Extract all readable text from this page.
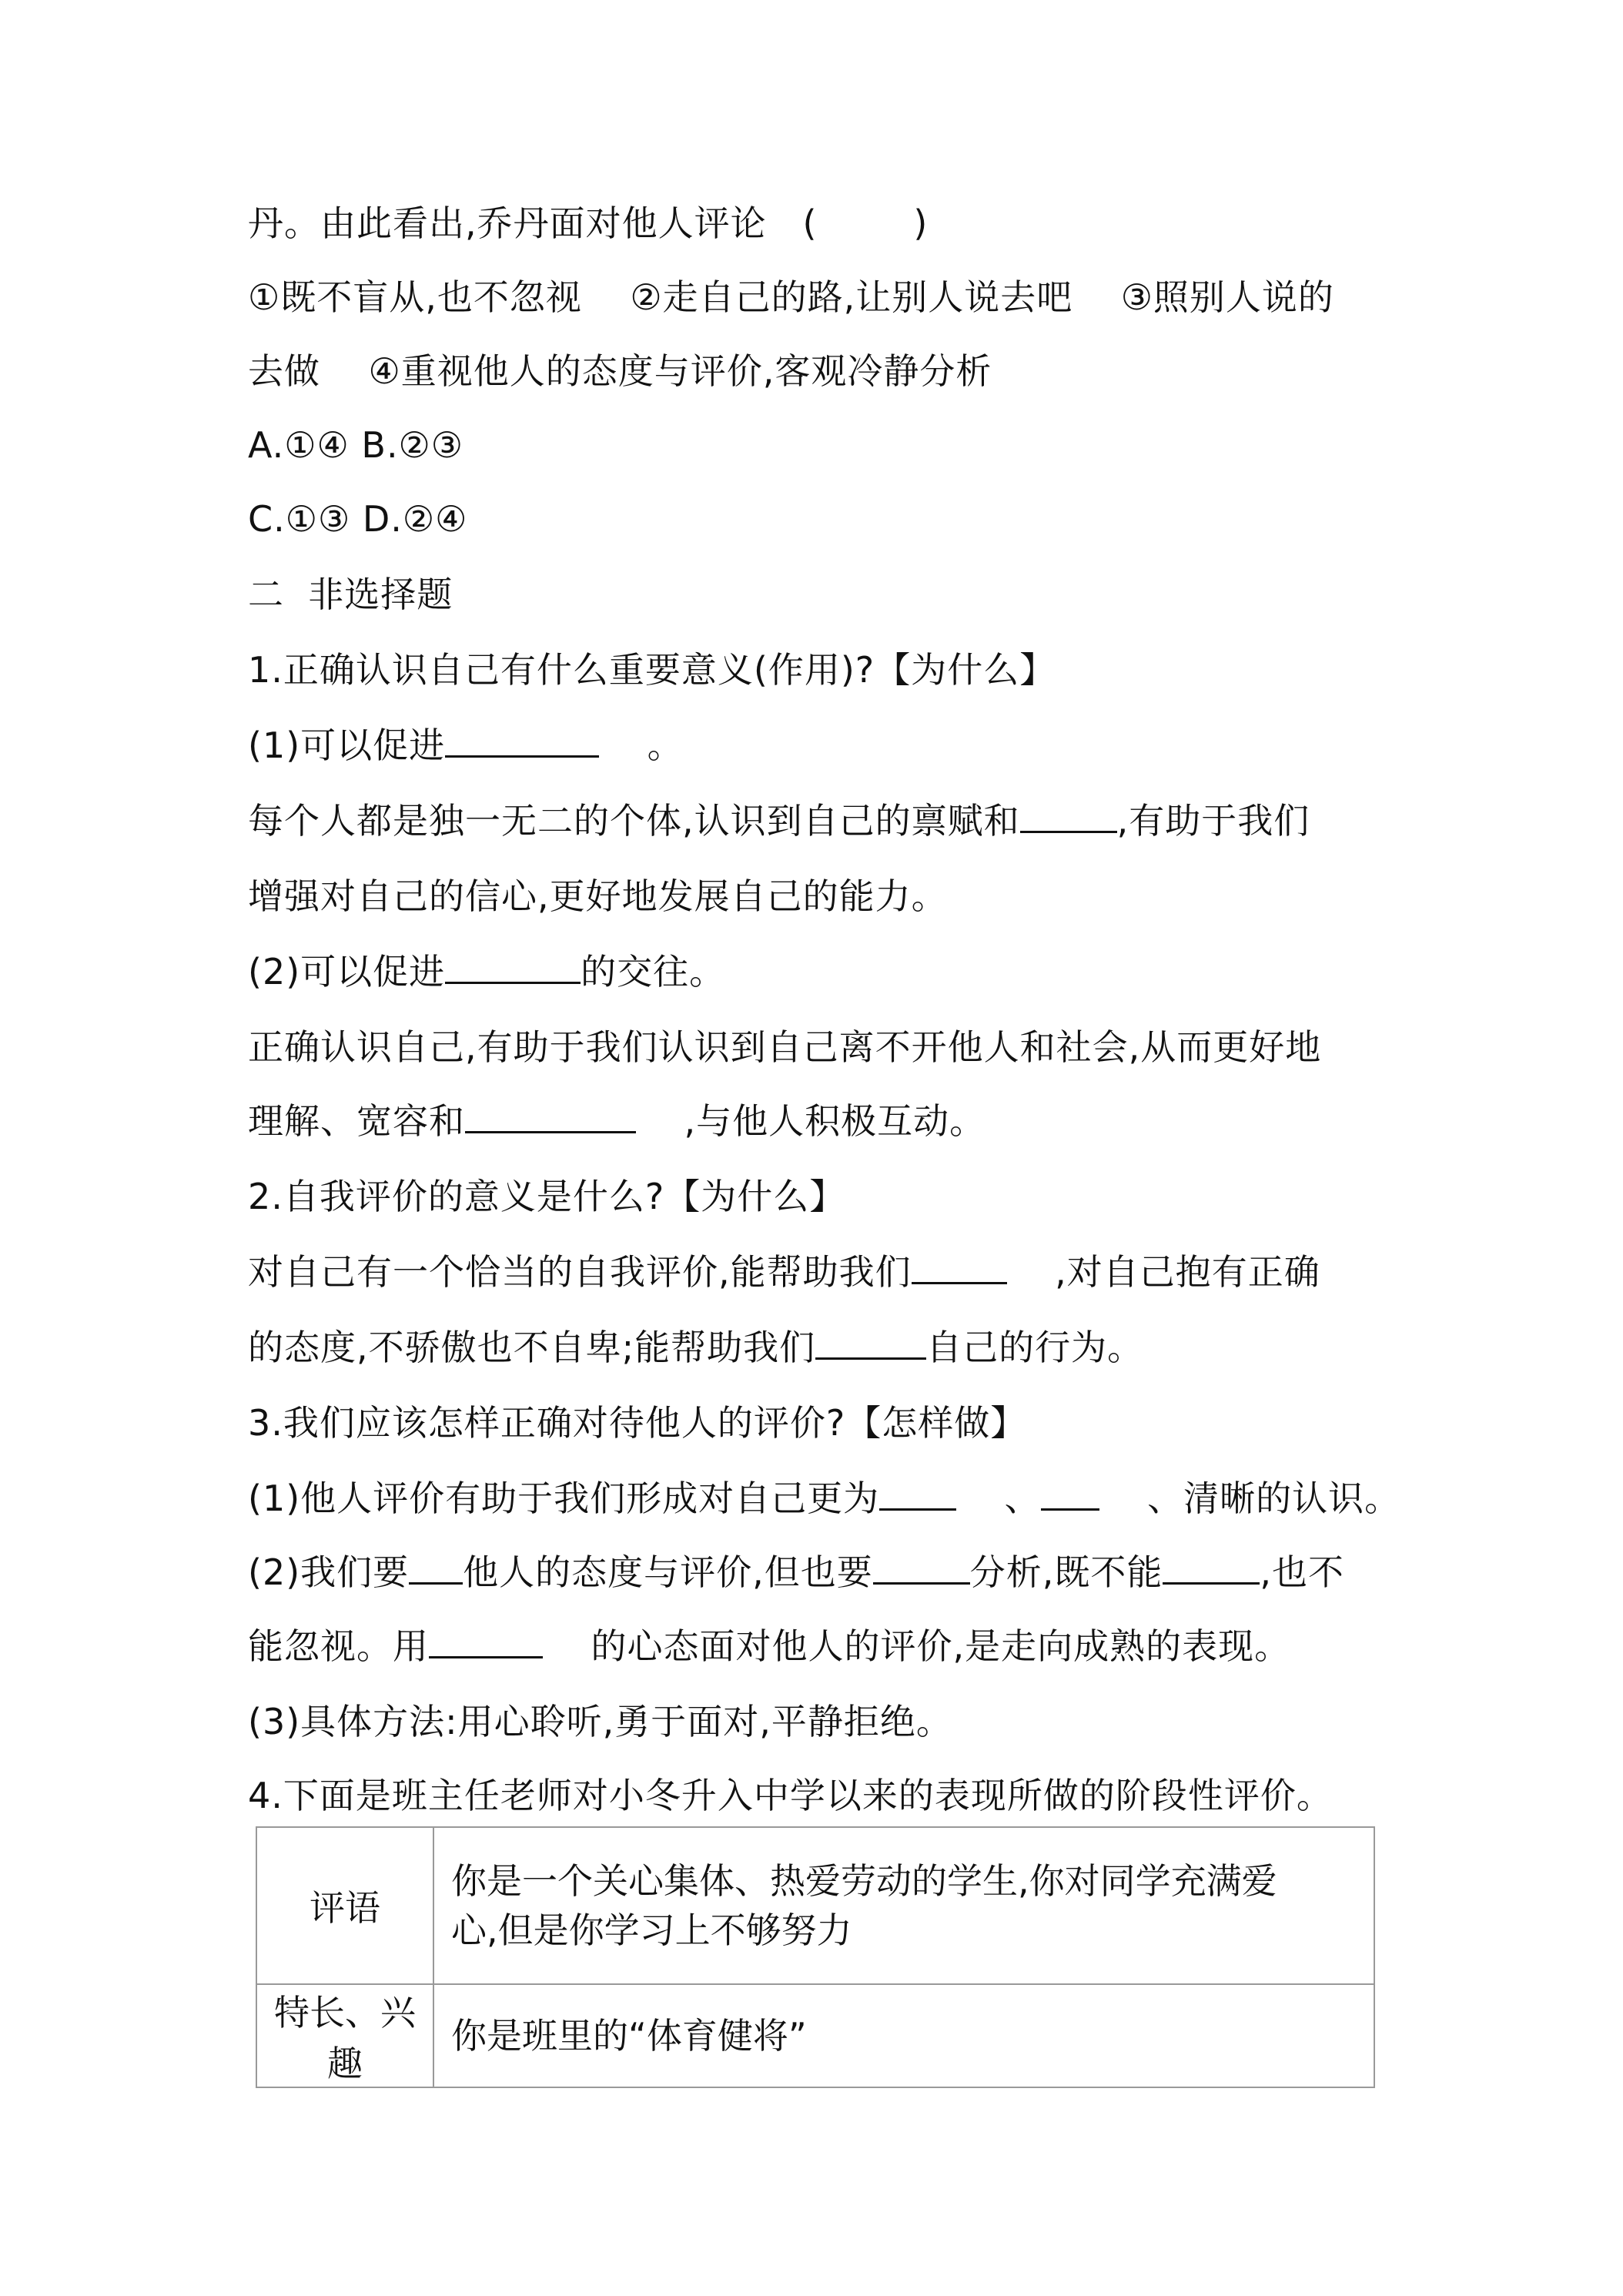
丹。由此看出,乔丹面对他人评论   (        )
①既不盲从,也不忽视    ②走自己的路,让别人说去吧    ③照别人说的
去做    ④重视他人的态度与评价,客观冷静分析
A.①④ B.②③
C.①③ D.②④
二  非选择题
1.正确认识自己有什么重要意义(作用)?【为什么】
(1)可以促进	。
每个人都是独一无二的个体,认识到自己的禀赋和	,有助于我们
增强对自己的信心,更好地发展自己的能力。
(2)可以促进	的交往。
正确认识自己,有助于我们认识到自己离不开他人和社会,从而更好地
理解、宽容和	,与他人积极互动。
2.自我评价的意义是什么?【为什么】
对自己有一个恰当的自我评价,能帮助我们	,对自己抱有正确
的态度,不骄傲也不自卑;能帮助我们	自己的行为。
3.我们应该怎样正确对待他人的评价?【怎样做】
(1)他人评价有助于我们形成对自己更为    、    、清晰的认识。
(2)我们要 他人的态度与评价,但也要	分析,既不能	,也不
能忽视。用	的心态面对他人的评价,是走向成熟的表现。
(3)具体方法:用心聆听,勇于面对,平静拒绝。
4.下面是班主任老师对小冬升入中学以来的表现所做的阶段性评价。
评语	你是一个关心集体、热爱劳动的学生,你对同学充满爱
心,但是你学习上不够努力

特长、兴趣	你是班里的“体育健将”
